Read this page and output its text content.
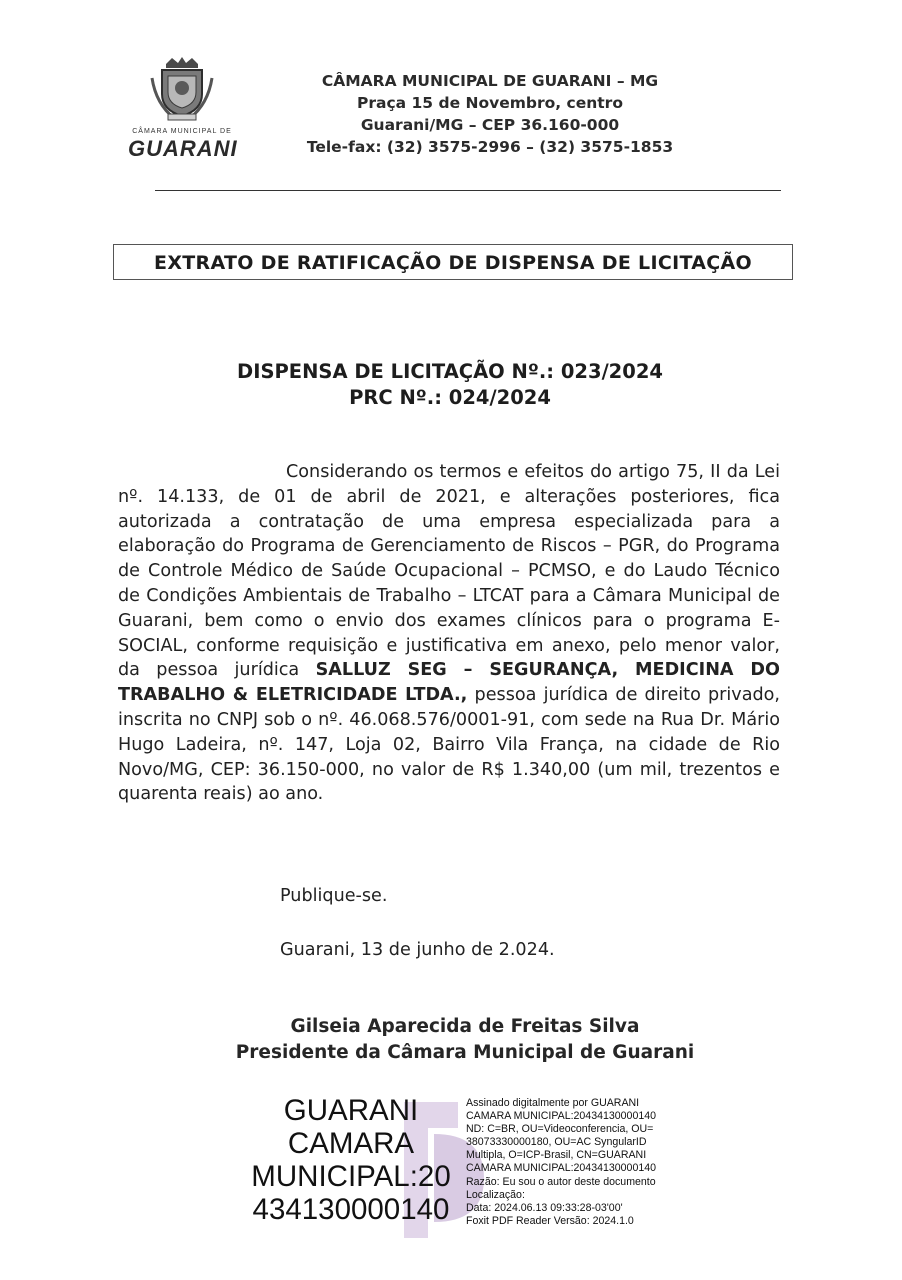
CÂMARA MUNICIPAL DE
GUARANI
CÂMARA MUNICIPAL DE GUARANI – MG
Praça 15 de Novembro, centro
Guarani/MG – CEP 36.160-000
Tele-fax: (32) 3575-2996 – (32) 3575-1853
EXTRATO DE RATIFICAÇÃO DE DISPENSA DE LICITAÇÃO
DISPENSA DE LICITAÇÃO Nº.: 023/2024
PRC Nº.: 024/2024
Considerando os termos e efeitos do artigo 75, II da Lei nº. 14.133, de 01 de abril de 2021, e alterações posteriores, fica autorizada a contratação de uma empresa especializada para a elaboração do Programa de Gerenciamento de Riscos – PGR, do Programa de Controle Médico de Saúde Ocupacional – PCMSO, e do Laudo Técnico de Condições Ambientais de Trabalho – LTCAT para a Câmara Municipal de Guarani, bem como o envio dos exames clínicos para o programa E-SOCIAL, conforme requisição e justificativa em anexo, pelo menor valor, da pessoa jurídica SALLUZ SEG – SEGURANÇA, MEDICINA DO TRABALHO & ELETRICIDADE LTDA., pessoa jurídica de direito privado, inscrita no CNPJ sob o nº. 46.068.576/0001-91, com sede na Rua Dr. Mário Hugo Ladeira, nº. 147, Loja 02, Bairro Vila França, na cidade de Rio Novo/MG, CEP: 36.150-000, no valor de R$ 1.340,00 (um mil, trezentos e quarenta reais) ao ano.
Publique-se.
Guarani, 13 de junho de 2.024.
Gilseia Aparecida de Freitas Silva
Presidente da Câmara Municipal de Guarani
GUARANI
CAMARA
MUNICIPAL:20
434130000140
Assinado digitalmente por GUARANI
CAMARA MUNICIPAL:20434130000140
ND: C=BR, OU=Videoconferencia, OU=
38073330000180, OU=AC SyngularID
Multipla, O=ICP-Brasil, CN=GUARANI
CAMARA MUNICIPAL:20434130000140
Razão: Eu sou o autor deste documento
Localização:
Data: 2024.06.13 09:33:28-03'00'
Foxit PDF Reader Versão: 2024.1.0
